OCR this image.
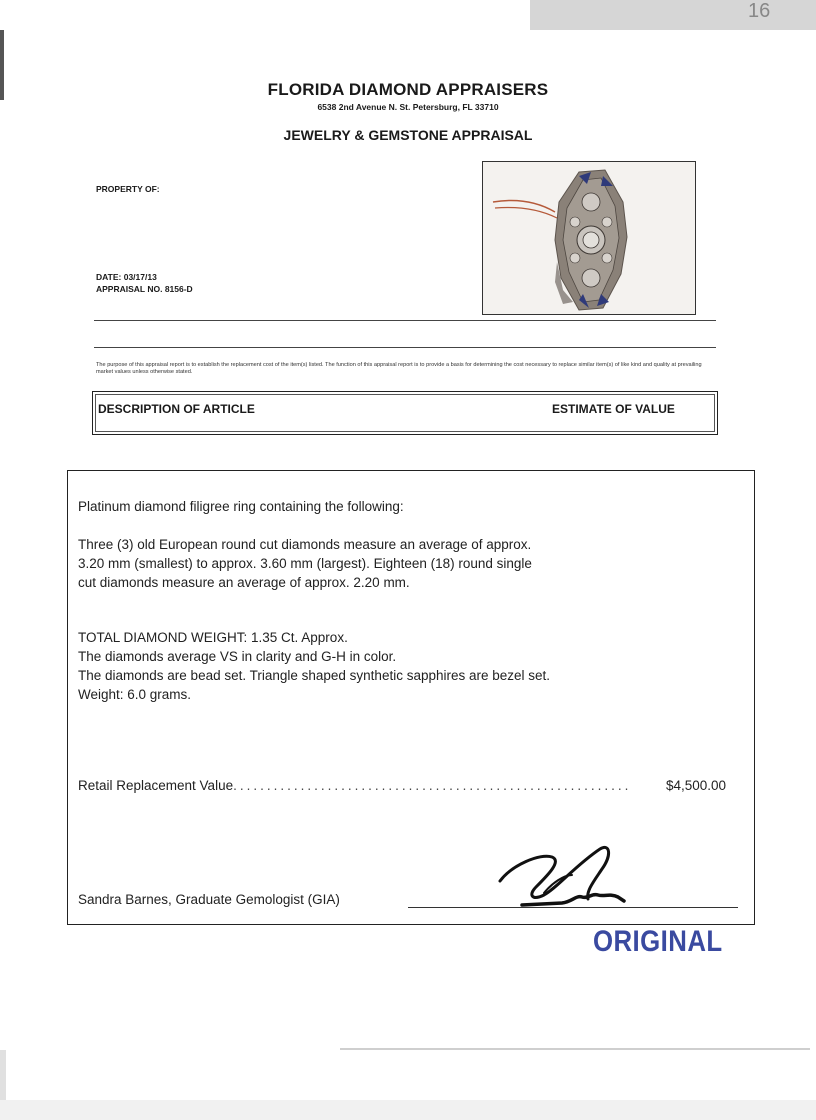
16
FLORIDA DIAMOND APPRAISERS
6538 2nd Avenue N. St. Petersburg, FL 33710
JEWELRY & GEMSTONE APPRAISAL
PROPERTY OF:
DATE: 03/17/13
APPRAISAL NO. 8156-D
The purpose of this appraisal report is to establish the replacement cost of the item(s) listed. The function of this appraisal report is to provide a basis for determining the cost necessary to replace similar item(s) of like kind and quality at prevailing market values unless otherwise stated.
DESCRIPTION OF ARTICLE	ESTIMATE OF VALUE
Platinum diamond filigree ring containing the following:
Three (3) old European round cut diamonds measure an average of approx. 3.20 mm (smallest) to approx. 3.60 mm (largest). Eighteen (18) round single cut diamonds measure an average of approx. 2.20 mm.
TOTAL DIAMOND WEIGHT: 1.35 Ct. Approx.
The diamonds average VS in clarity and G-H in color.
The diamonds are bead set. Triangle shaped synthetic sapphires are bezel set.
Weight: 6.0 grams.
Retail Replacement Value ...........................................................	$4,500.00
Sandra Barnes, Graduate Gemologist (GIA)
ORIGINAL
